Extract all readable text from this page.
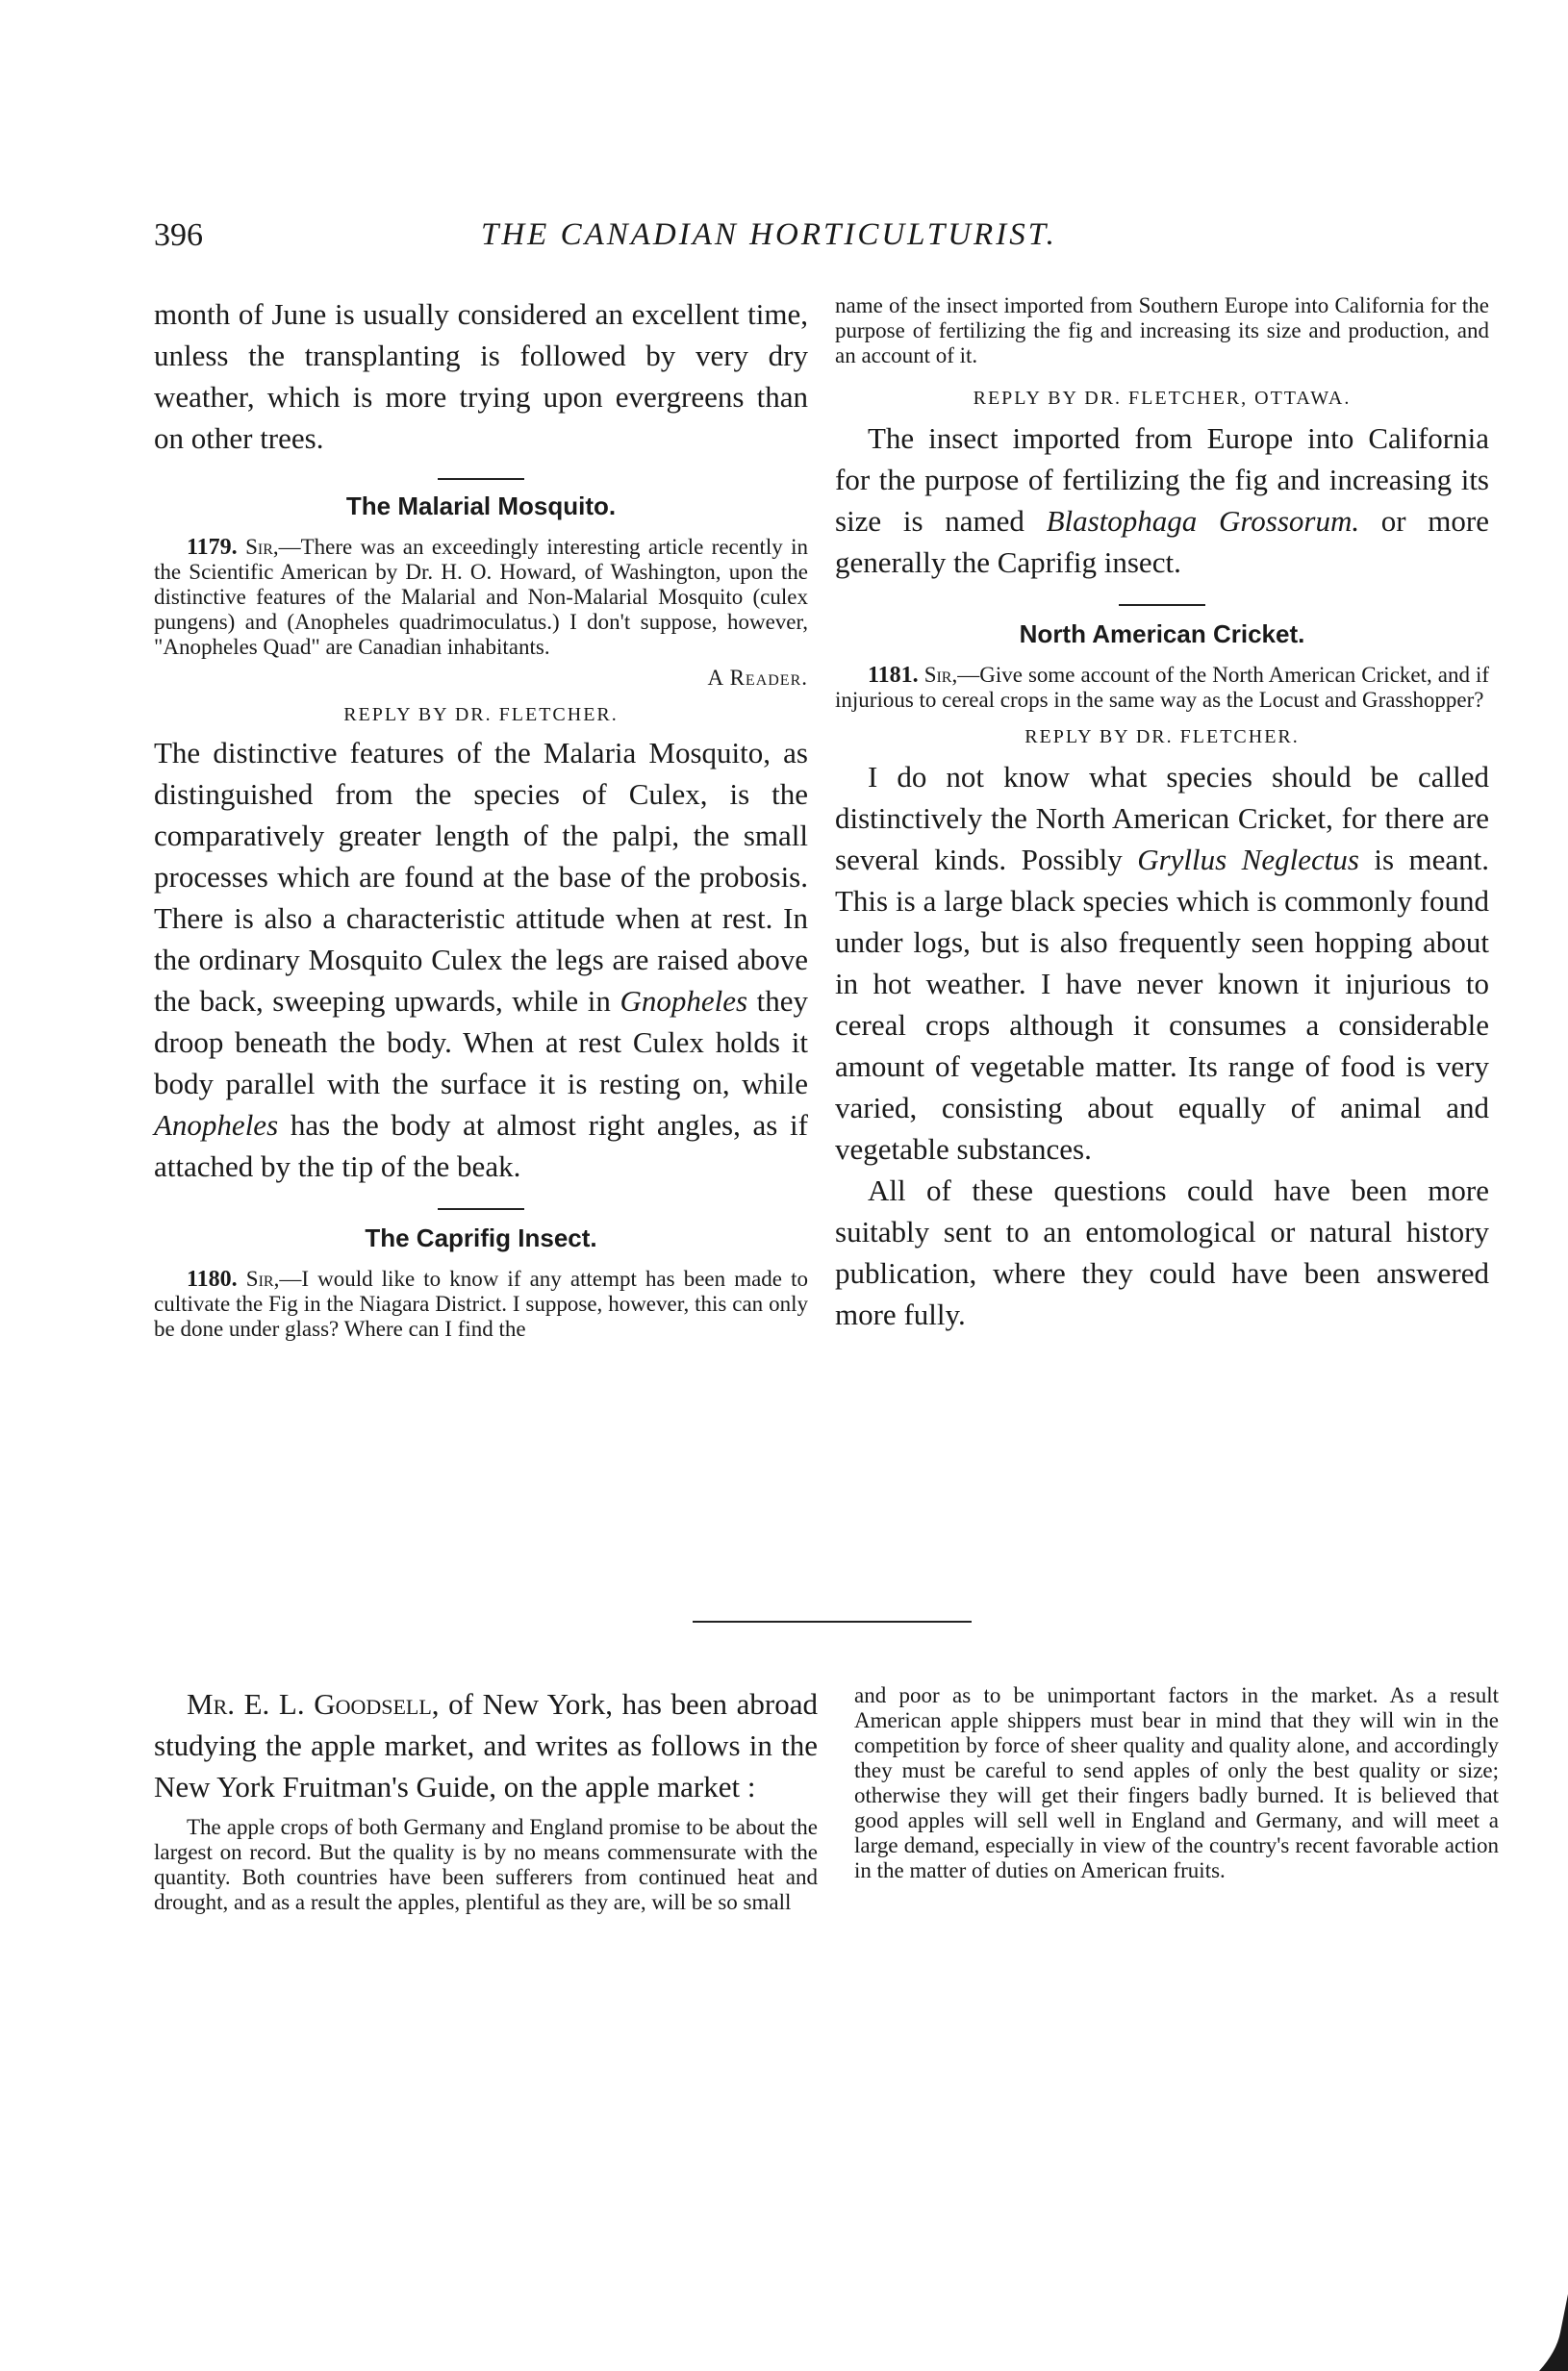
396	THE CANADIAN HORTICULTURIST.

month of June is usually considered an excellent time, unless the transplanting is followed by very dry weather, which is more trying upon evergreens than on other trees.

The Malarial Mosquito.

1179. Sir,—There was an exceedingly interesting article recently in the Scientific American by Dr. H. O. Howard, of Washington, upon the distinctive features of the Malarial and Non-Malarial Mosquito (culex pungens) and (Anopheles quadrimoculatus.) I don't suppose, however, "Anopheles Quad" are Canadian inhabitants.

A Reader.

REPLY BY DR. FLETCHER.

The distinctive features of the Malaria Mosquito, as distinguished from the species of Culex, is the comparatively greater length of the palpi, the small processes which are found at the base of the probosis. There is also a characteristic attitude when at rest. In the ordinary Mosquito Culex the legs are raised above the back, sweeping upwards, while in Gnopheles they droop beneath the body. When at rest Culex holds it body parallel with the surface it is resting on, while Anopheles has the body at almost right angles, as if attached by the tip of the beak.

The Caprifig Insect.

1180. Sir,—I would like to know if any attempt has been made to cultivate the Fig in the Niagara District. I suppose, however, this can only be done under glass? Where can I find the

name of the insect imported from Southern Europe into California for the purpose of fertilizing the fig and increasing its size and production, and an account of it.

REPLY BY DR. FLETCHER, OTTAWA.

The insect imported from Europe into California for the purpose of fertilizing the fig and increasing its size is named Blastophaga Grossorum. or more generally the Caprifig insect.

North American Cricket.

1181. Sir,—Give some account of the North American Cricket, and if injurious to cereal crops in the same way as the Locust and Grasshopper?

REPLY BY DR. FLETCHER.

I do not know what species should be called distinctively the North American Cricket, for there are several kinds. Possibly Gryllus Neglectus is meant. This is a large black species which is commonly found under logs, but is also frequently seen hopping about in hot weather. I have never known it injurious to cereal crops although it consumes a considerable amount of vegetable matter. Its range of food is very varied, consisting about equally of animal and vegetable substances.

All of these questions could have been more suitably sent to an entomological or natural history publication, where they could have been answered more fully.

Mr. E. L. Goodsell, of New York, has been abroad studying the apple market, and writes as follows in the New York Fruitman's Guide, on the apple market :

The apple crops of both Germany and England promise to be about the largest on record. But the quality is by no means commensurate with the quantity. Both countries have been sufferers from continued heat and drought, and as a result the apples, plentiful as they are, will be so small

and poor as to be unimportant factors in the market. As a result American apple shippers must bear in mind that they will win in the competition by force of sheer quality and quality alone, and accordingly they must be careful to send apples of only the best quality or size; otherwise they will get their fingers badly burned. It is believed that good apples will sell well in England and Germany, and will meet a large demand, especially in view of the country's recent favorable action in the matter of duties on American fruits.
